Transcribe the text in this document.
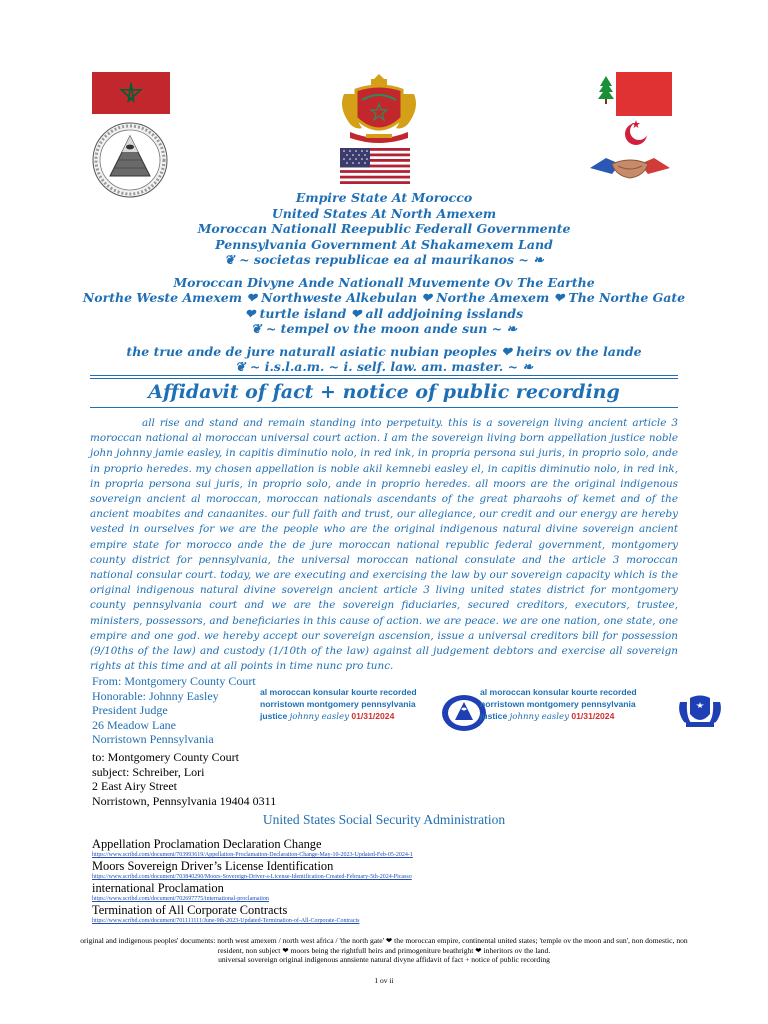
Empire State At Morocco
United States At North Amexem
Moroccan Nationall Reepublic Federall Governmente
Pennsylvania Government At Shakamexem Land
❦ ~ societas republicae ea al maurikanos ~ ❧
Moroccan Divyne Ande Nationall Muvemente Ov The Earthe
Northe Weste Amexem ❤ Northweste Alkebulan ❤ Northe Amexem ❤ The Northe Gate
❤ turtle island ❤ all addjoining isslands
❦ ~ tempel ov the moon ande sun ~ ❧
the true ande de jure naturall asiatic nubian peoples ❤ heirs ov the lande
❦ ~ i.s.l.a.m. ~ i. self. law. am. master. ~ ❧
Affidavit of fact + notice of public recording
all rise and stand and remain standing into perpetuity. this is a sovereign living ancient article 3 moroccan national al moroccan universal court action. I am the sovereign living born appellation justice noble john johnny jamie easley, in capitis diminutio nolo, in red ink, in propria persona sui juris, in proprio solo, ande in proprio heredes. my chosen appellation is noble akil kemnebi easley el, in capitis diminutio nolo, in red ink, in propria persona sui juris, in proprio solo, ande in proprio heredes. all moors are the original indigenous sovereign ancient al moroccan, moroccan nationals ascendants of the great pharaohs of kemet and of the ancient moabites and canaanites. our full faith and trust, our allegiance, our credit and our energy are hereby vested in ourselves for we are the people who are the original indigenous natural divine sovereign ancient empire state for morocco ande the de jure moroccan national republic federal government, montgomery county district for pennsylvania, the universal moroccan national consulate and the article 3 moroccan national consular court. today, we are executing and exercising the law by our sovereign capacity which is the original indigenous natural divine sovereign ancient article 3 living united states district for montgomery county pennsylvania court and we are the sovereign fiduciaries, secured creditors, executors, trustee, ministers, possessors, and beneficiaries in this cause of action. we are peace. we are one nation, one state, one empire and one god. we hereby accept our sovereign ascension, issue a universal creditors bill for possession (9/10ths of the law) and custody (1/10th of the law) against all judgement debtors and exercise all sovereign rights at this time and at all points in time nunc pro tunc.
From: Montgomery County Court
Honorable: Johnny Easley
President Judge
26 Meadow Lane
Norristown Pennsylvania
al moroccan konsular kourte recorded
norristown montgomery pennsylvania
justice johnny easley 01/31/2024
al moroccan konsular kourte recorded
norristown montgomery pennsylvania
justice johnny easley 01/31/2024
to: Montgomery County Court
subject: Schreiber, Lori
2 East Airy Street
Norristown, Pennsylvania 19404 0311
United States Social Security Administration
Appellation Proclamation Declaration Change
https://www.scribd.com/document/703993619/Appellation-Proclamation-Declaration-Change-May-10-2023-Updated-Feb-05-2024-1
Moors Sovereign Driver’s License Identification
https://www.scribd.com/document/703840290/Moors-Sovereign-Driver-s-License-Identification-Created-February-5th-2024-Picasso
international Proclamation
https://www.scribd.com/document/702697775/international-proclamation
Termination of All Corporate Contracts
https://www.scribd.com/document/701111111/June-9th-2023-Updated-Termination-of-All-Corporate-Contracts
original and indigenous peoples' documents: north west amexem / north west africa / 'the north gate' ❤ the moroccan empire, continental united states; 'temple ov the moon and sun', non domestic, non resident, non subject ❤ moors being the rightfull heirs and primogeniture beathright ❤ inheritors ov the land.
universal sovereign original indigenous annsiente natural divyne affidavit of fact + notice of public recording
1 ov ii
